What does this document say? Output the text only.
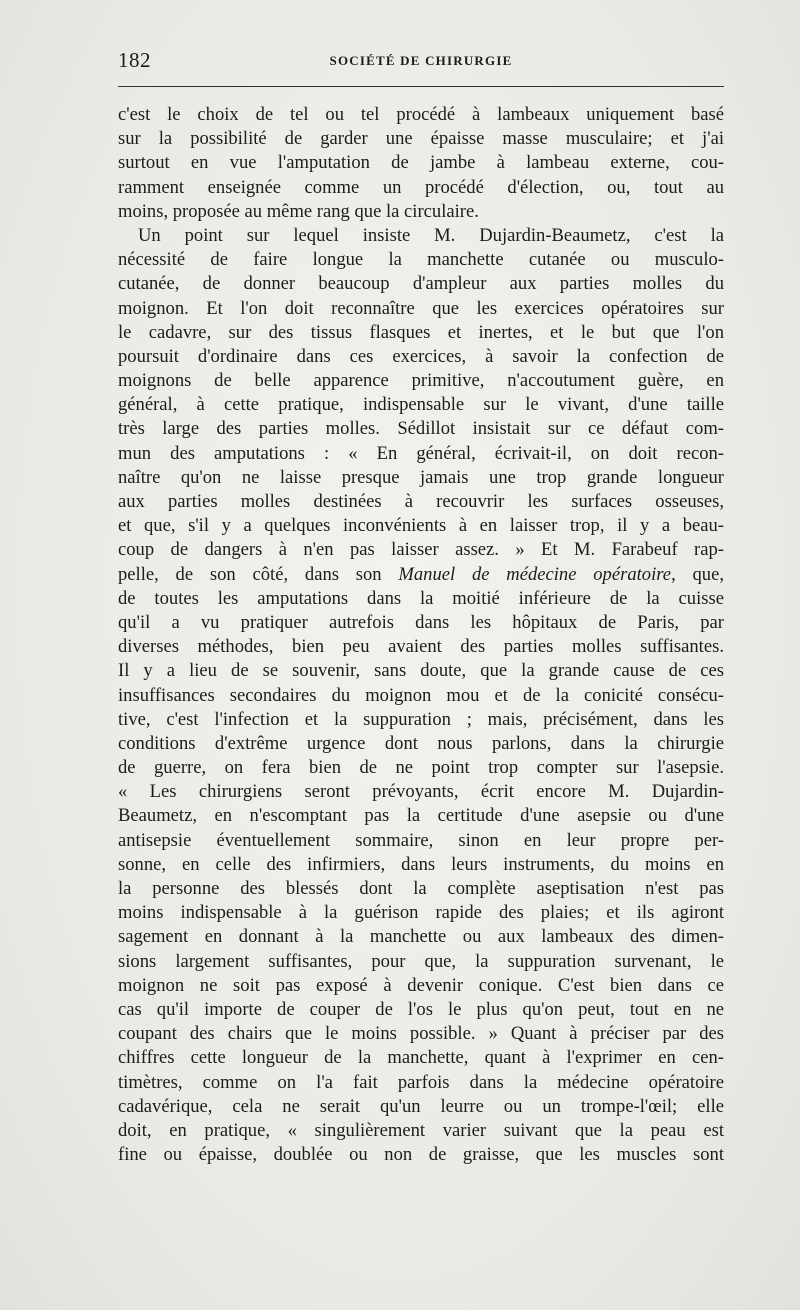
182	SOCIÉTÉ DE CHIRURGIE
c'est le choix de tel ou tel procédé à lambeaux uniquement basé
sur la possibilité de garder une épaisse masse musculaire; et j'ai
surtout en vue l'amputation de jambe à lambeau externe, cou-
ramment enseignée comme un procédé d'élection, ou, tout au
moins, proposée au même rang que la circulaire.
Un point sur lequel insiste M. Dujardin-Beaumetz, c'est la
nécessité de faire longue la manchette cutanée ou musculo-
cutanée, de donner beaucoup d'ampleur aux parties molles du
moignon. Et l'on doit reconnaître que les exercices opératoires sur
le cadavre, sur des tissus flasques et inertes, et le but que l'on
poursuit d'ordinaire dans ces exercices, à savoir la confection de
moignons de belle apparence primitive, n'accoutument guère, en
général, à cette pratique, indispensable sur le vivant, d'une taille
très large des parties molles. Sédillot insistait sur ce défaut com-
mun des amputations : « En général, écrivait-il, on doit recon-
naître qu'on ne laisse presque jamais une trop grande longueur
aux parties molles destinées à recouvrir les surfaces osseuses,
et que, s'il y a quelques inconvénients à en laisser trop, il y a beau-
coup de dangers à n'en pas laisser assez. » Et M. Farabeuf rap-
pelle, de son côté, dans son Manuel de médecine opératoire, que,
de toutes les amputations dans la moitié inférieure de la cuisse
qu'il a vu pratiquer autrefois dans les hôpitaux de Paris, par
diverses méthodes, bien peu avaient des parties molles suffisantes.
Il y a lieu de se souvenir, sans doute, que la grande cause de ces
insuffisances secondaires du moignon mou et de la conicité consécu-
tive, c'est l'infection et la suppuration ; mais, précisément, dans les
conditions d'extrême urgence dont nous parlons, dans la chirurgie
de guerre, on fera bien de ne point trop compter sur l'asepsie.
« Les chirurgiens seront prévoyants, écrit encore M. Dujardin-
Beaumetz, en n'escomptant pas la certitude d'une asepsie ou d'une
antisepsie éventuellement sommaire, sinon en leur propre per-
sonne, en celle des infirmiers, dans leurs instruments, du moins en
la personne des blessés dont la complète aseptisation n'est pas
moins indispensable à la guérison rapide des plaies; et ils agiront
sagement en donnant à la manchette ou aux lambeaux des dimen-
sions largement suffisantes, pour que, la suppuration survenant, le
moignon ne soit pas exposé à devenir conique. C'est bien dans ce
cas qu'il importe de couper de l'os le plus qu'on peut, tout en ne
coupant des chairs que le moins possible. » Quant à préciser par des
chiffres cette longueur de la manchette, quant à l'exprimer en cen-
timètres, comme on l'a fait parfois dans la médecine opératoire
cadavérique, cela ne serait qu'un leurre ou un trompe-l'œil; elle
doit, en pratique, « singulièrement varier suivant que la peau est
fine ou épaisse, doublée ou non de graisse, que les muscles sont
